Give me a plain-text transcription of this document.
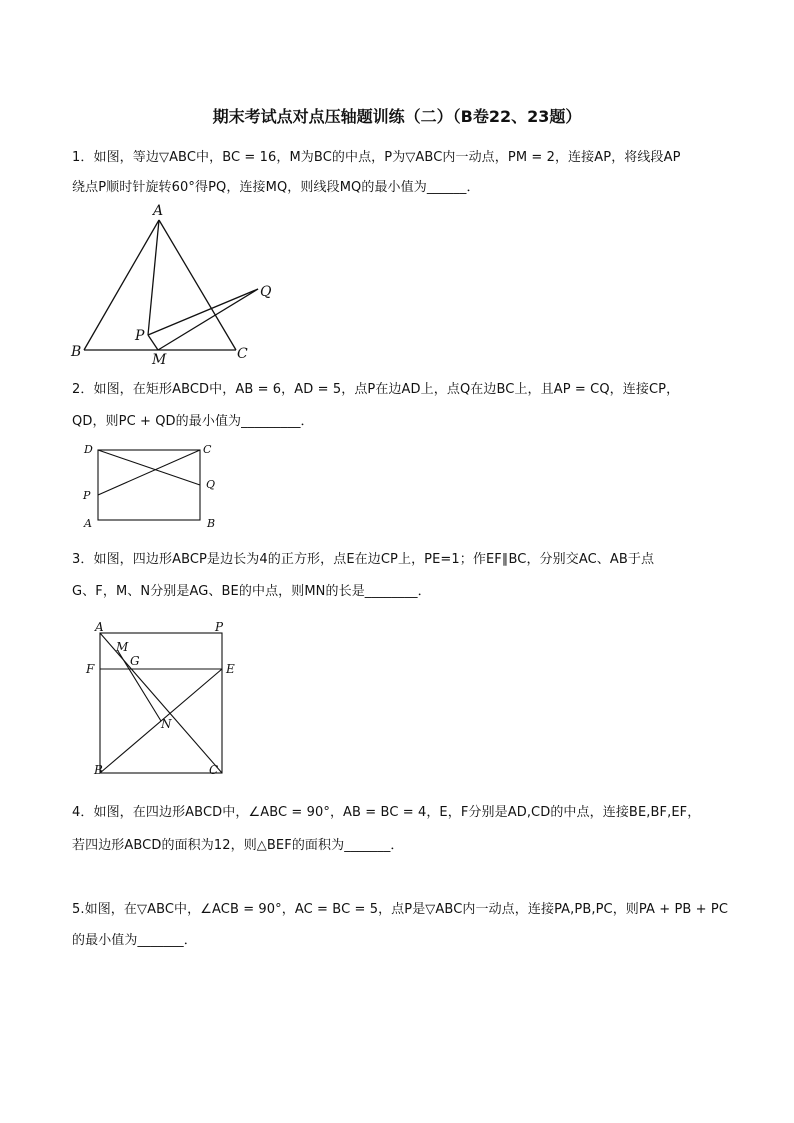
期末考试点对点压轴题训练（二）（B卷22、23题）
1．如图，等边▽ABC中，BC = 16，M为BC的中点，P为▽ABC内一动点，PM = 2，连接AP，将线段AP
绕点P顺时针旋转60°得PQ，连接MQ，则线段MQ的最小值为______．
A
B	C
P
Q
M
2．如图，在矩形ABCD中，AB = 6，AD = 5，点P在边AD上，点Q在边BC上，且AP = CQ，连接CP，
QD，则PC + QD的最小值为_________．
D	C
Q
P
A	B
3．如图，四边形ABCP是边长为4的正方形，点E在边CP上，PE=1；作EF∥BC，分别交AC、AB于点
G、F，M、N分别是AG、BE的中点，则MN的长是________．
A	P
M
G
F	E
N
B	C
4．如图，在四边形ABCD中，∠ABC = 90°，AB = BC = 4，E，F分别是AD,CD的中点，连接BE,BF,EF，
若四边形ABCD的面积为12，则△BEF的面积为_______．
5.如图，在▽ABC中，∠ACB = 90°，AC = BC = 5，点P是▽ABC内一动点，连接PA,PB,PC，则PA + PB + PC
的最小值为_______．
